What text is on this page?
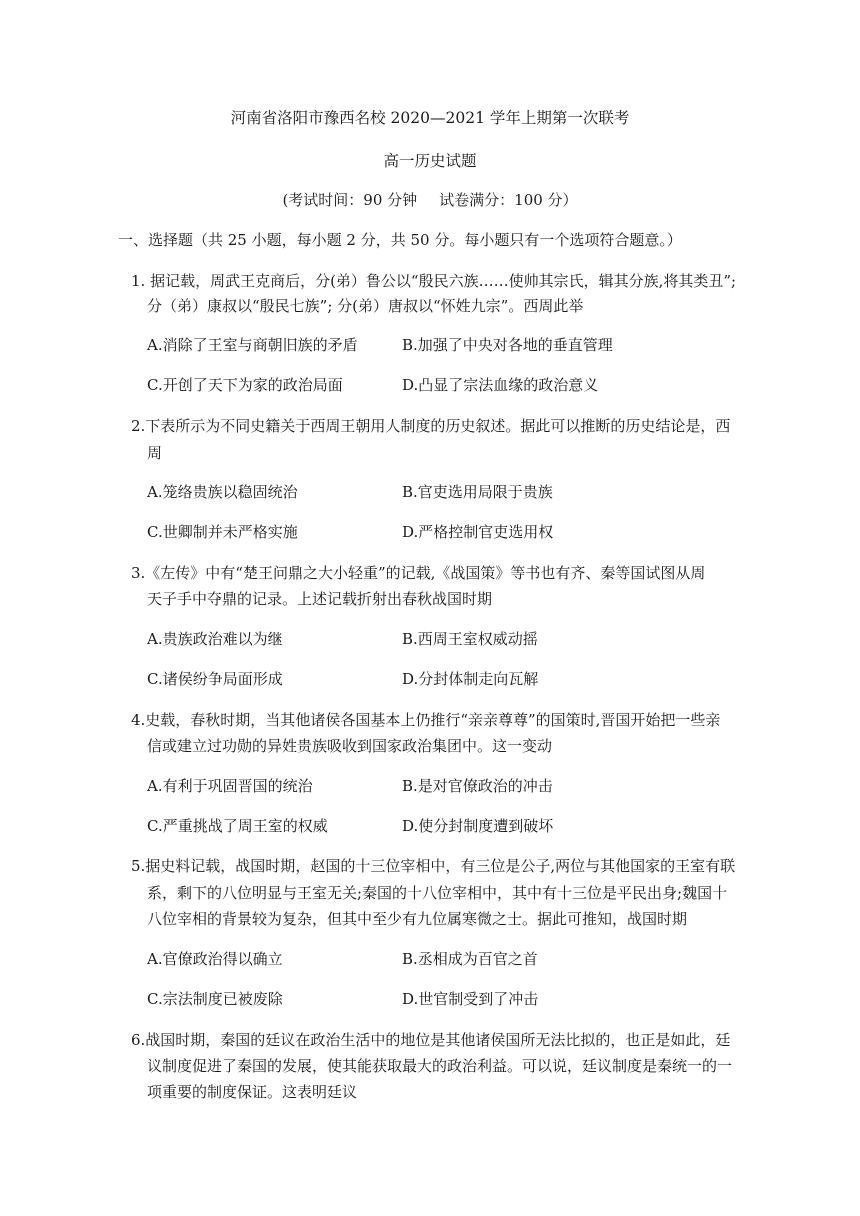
河南省洛阳市豫西名校 2020—2021 学年上期第一次联考
高一历史试题
(考试时间：90 分钟 试卷满分：100 分）
一、选择题（共 25 小题，每小题 2 分，共 50 分。每小题只有一个选项符合题意。）
1. 据记载，周武王克商后，分(弟）鲁公以“殷民六族……使帅其宗氏，辑其分族,将其类丑”;
分（弟）康叔以“殷民七族”; 分(弟）唐叔以“怀姓九宗”。西周此举
A.消除了王室与商朝旧族的矛盾	B.加强了中央对各地的垂直管理
C.开创了天下为家的政治局面	D.凸显了宗法血缘的政治意义
2.下表所示为不同史籍关于西周王朝用人制度的历史叙述。据此可以推断的历史结论是，西
周
A.笼络贵族以稳固统治	B.官吏选用局限于贵族
C.世卿制并未严格实施	D.严格控制官吏选用权
3.《左传》中有“楚王问鼎之大小轻重”的记载,《战国策》等书也有齐、秦等国试图从周
天子手中夺鼎的记录。上述记载折射出春秋战国时期
A.贵族政治难以为继	B.西周王室权威动摇
C.诸侯纷争局面形成	D.分封体制走向瓦解
4.史载，春秋时期，当其他诸侯各国基本上仍推行“亲亲尊尊”的国策时,晋国开始把一些亲
信或建立过功勋的异姓贵族吸收到国家政治集团中。这一变动
A.有利于巩固晋国的统治	B.是对官僚政治的冲击
C.严重挑战了周王室的权威	D.使分封制度遭到破坏
5.据史料记载，战国时期，赵国的十三位宰相中，有三位是公子,两位与其他国家的王室有联
系，剩下的八位明显与王室无关;秦国的十八位宰相中，其中有十三位是平民出身;魏国十
八位宰相的背景较为复杂，但其中至少有九位属寒微之士。据此可推知，战国时期
A.官僚政治得以确立	B.丞相成为百官之首
C.宗法制度已被废除	D.世官制受到了冲击
6.战国时期，秦国的廷议在政治生活中的地位是其他诸侯国所无法比拟的，也正是如此，廷
议制度促进了秦国的发展，使其能获取最大的政治利益。可以说，廷议制度是秦统一的一
项重要的制度保证。这表明廷议
